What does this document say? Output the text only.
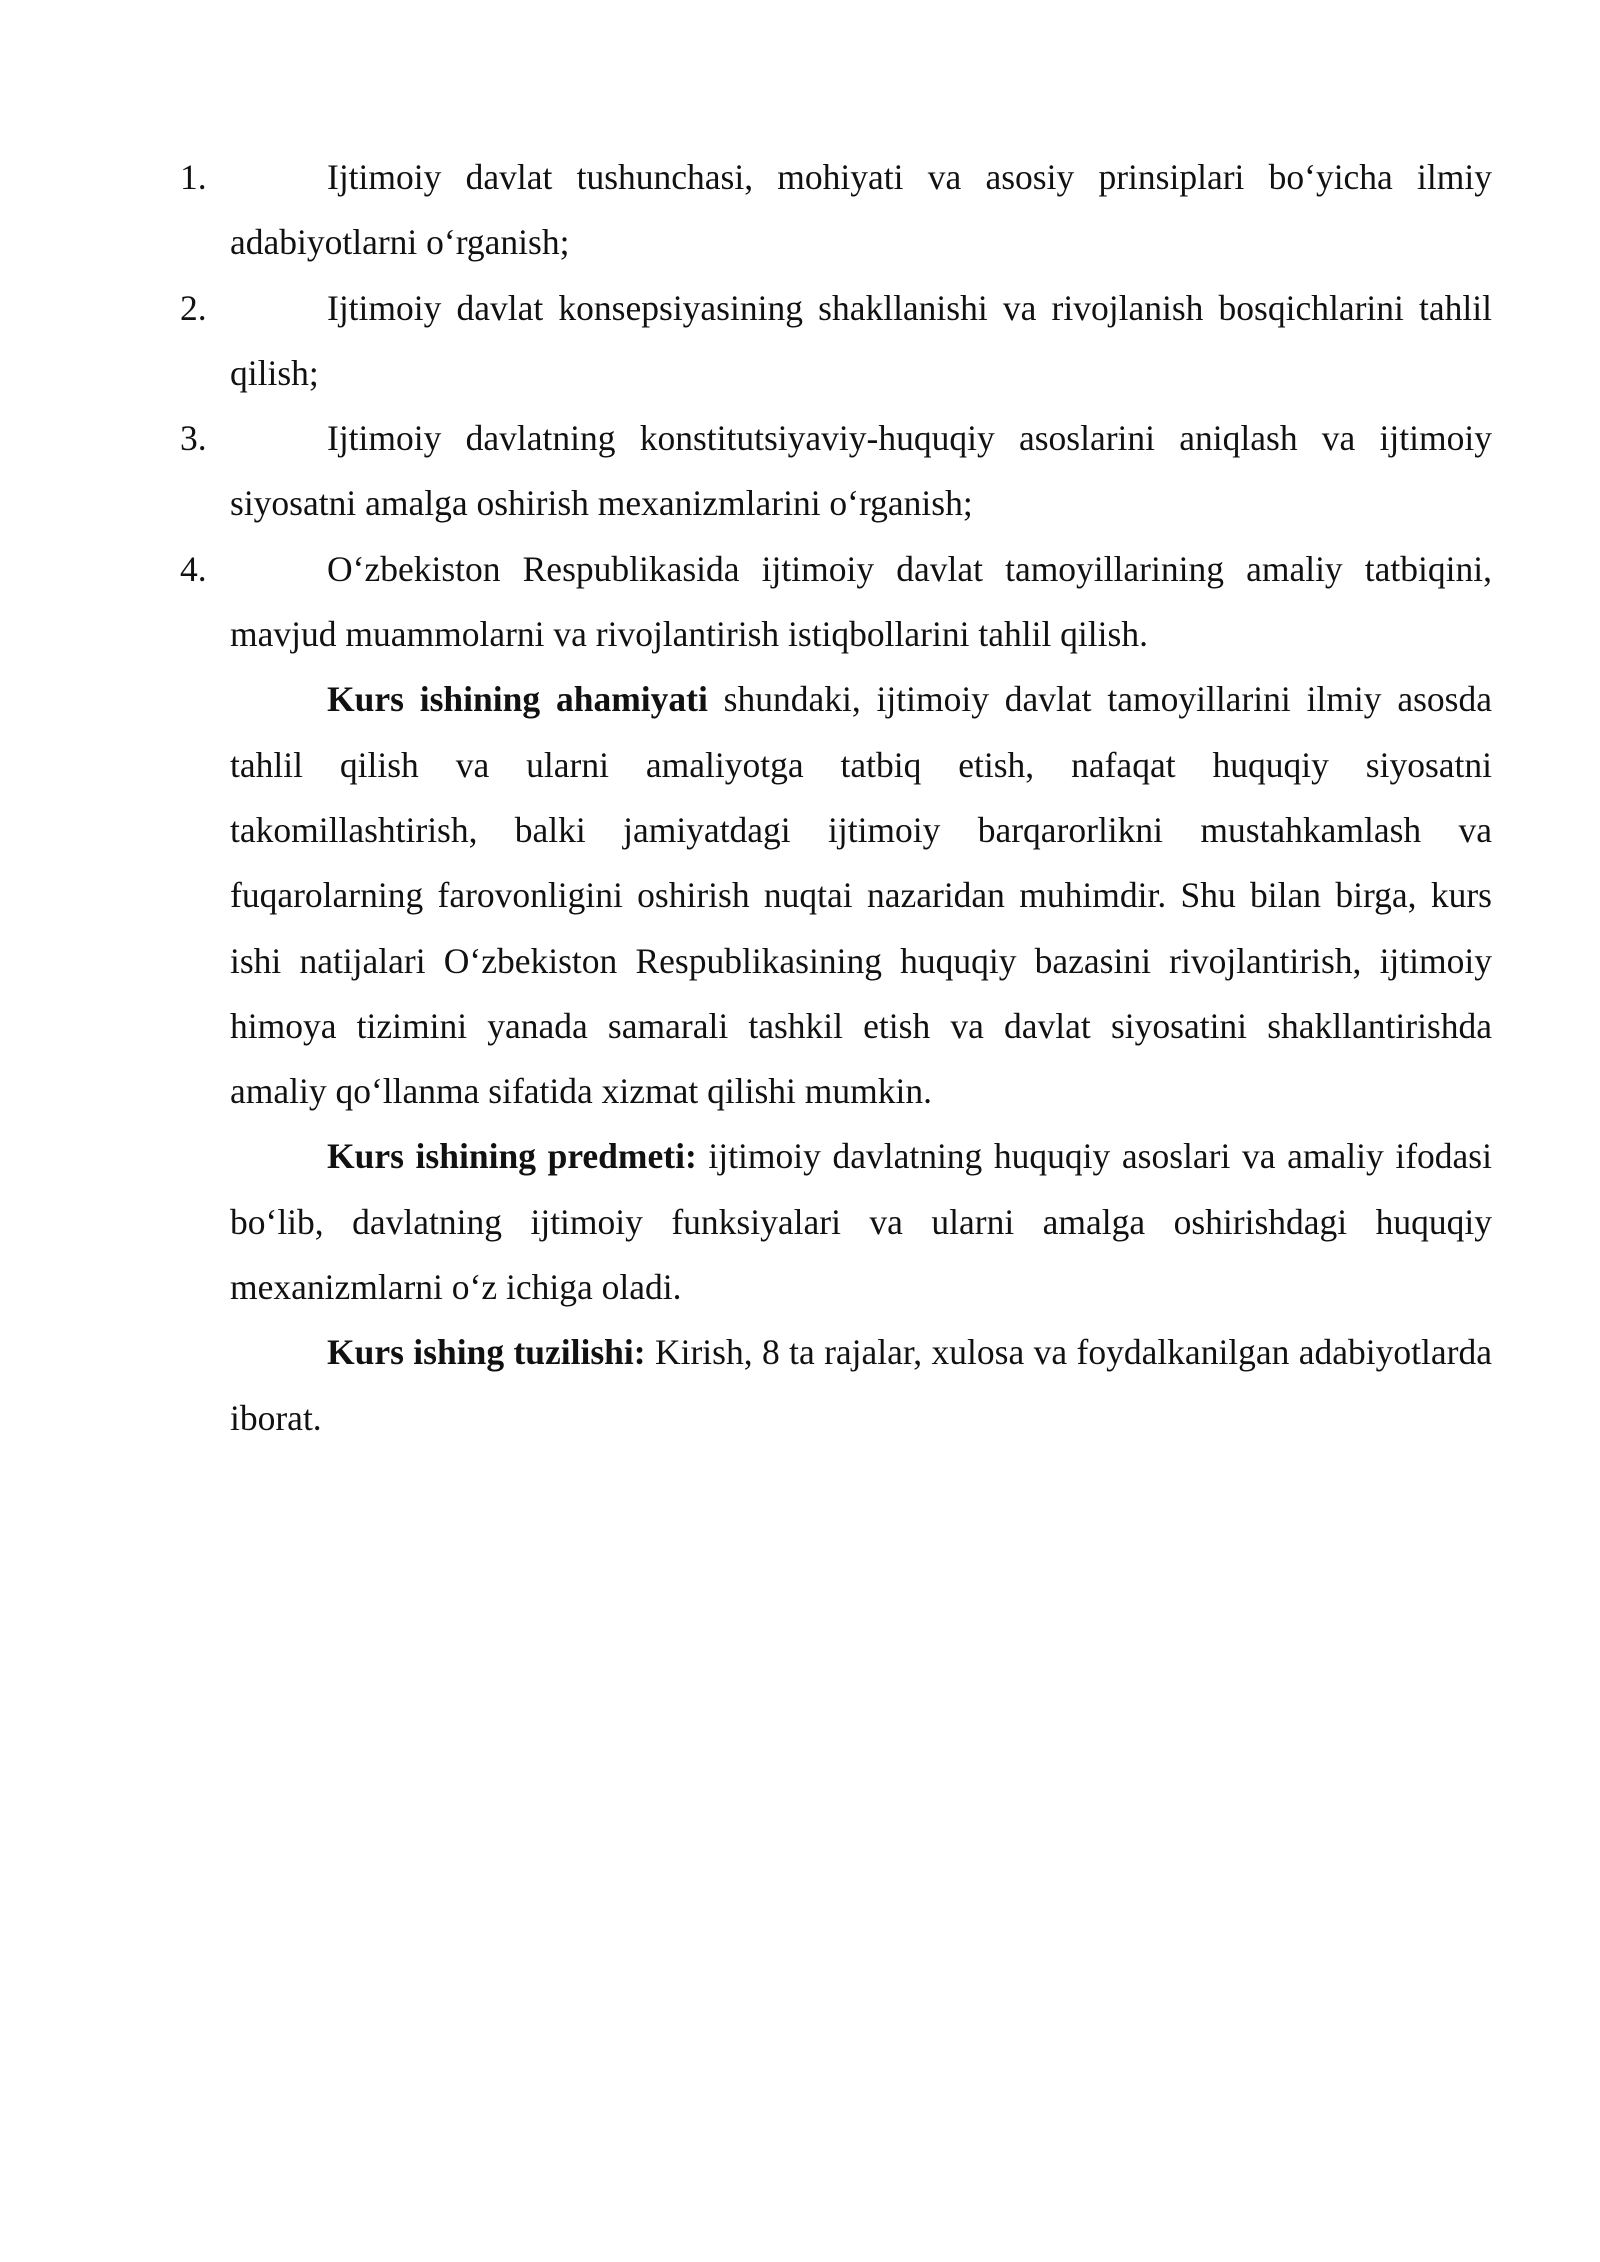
1.	Ijtimoiy davlat tushunchasi, mohiyati va asosiy prinsiplari bo‘yicha ilmiy adabiyotlarni o‘rganish;
2.	Ijtimoiy davlat konsepsiyasining shakllanishi va rivojlanish bosqichlarini tahlil qilish;
3.	Ijtimoiy davlatning konstitutsiyaviy-huquqiy asoslarini aniqlash va ijtimoiy siyosatni amalga oshirish mexanizmlarini o‘rganish;
4.	O‘zbekiston Respublikasida ijtimoiy davlat tamoyillarining amaliy tatbiqini, mavjud muammolarni va rivojlantirish istiqbollarini tahlil qilish.

Kurs ishining ahamiyati shundaki, ijtimoiy davlat tamoyillarini ilmiy asosda tahlil qilish va ularni amaliyotga tatbiq etish, nafaqat huquqiy siyosatni takomillashtirish, balki jamiyatdagi ijtimoiy barqarorlikni mustahkamlash va fuqarolarning farovonligini oshirish nuqtai nazaridan muhimdir. Shu bilan birga, kurs ishi natijalari O‘zbekiston Respublikasining huquqiy bazasini rivojlantirish, ijtimoiy himoya tizimini yanada samarali tashkil etish va davlat siyosatini shakllantirishda amaliy qo‘llanma sifatida xizmat qilishi mumkin.

Kurs ishining predmeti: ijtimoiy davlatning huquqiy asoslari va amaliy ifodasi bo‘lib, davlatning ijtimoiy funksiyalari va ularni amalga oshirishdagi huquqiy mexanizmlarni o‘z ichiga oladi.

Kurs ishing tuzilishi: Kirish, 8 ta rajalar, xulosa va foydalkanilgan adabiyotlarda iborat.
